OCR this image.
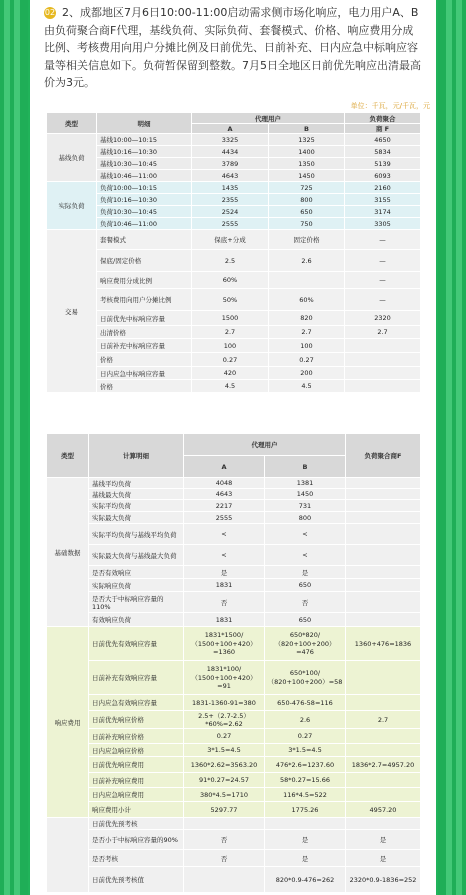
02 2、成都地区7月6日10:00-11:00启动需求侧市场化响应，电力用户A、B由负荷聚合商F代理，基线负荷、实际负荷、套餐模式、价格、响应费用分成比例、考核费用向用户分摊比例及日前优先、日前补充、日内应急中标响应容量等相关信息如下。负荷暂保留到整数。7月5日全地区日前优先响应出清最高价为3元。
单位：千瓦，元/千瓦，元
类型	明细	代理用户		负荷聚合
		A	B	商 F
基线负荷	基线10:00—10:15	3325	1325	4650
	基线10:16—10:30	4434	1400	5834
	基线10:30—10:45	3789	1350	5139
	基线10:46—11:00	4643	1450	6093
实际负荷	负荷10:00—10:15	1435	725	2160
	负荷10:16—10:30	2355	800	3155
	负荷10:30—10:45	2524	650	3174
	负荷10:46—11:00	2555	750	3305
交易	套餐模式	保底+分成	固定价格	—
	保底/固定价格	2.5	2.6	—
	响应费用分成比例	60%		—
	考核费用向用户分摊比例	50%	60%	—
	日前优先中标响应容量	1500	820	2320
	出清价格	2.7	2.7	2.7
	日前补充中标响应容量	100	100	
	价格	0.27	0.27	
	日内应急中标响应容量	420	200	
	价格	4.5	4.5	
类型	计算明细	代理用户		负荷聚合商F
		A	B	
基础数据	基线平均负荷	4048	1381	
	基线最大负荷	4643	1450	
	实际平均负荷	2217	731	
	实际最大负荷	2555	800	
	实际平均负荷与基线平均负荷	<	<	
	实际最大负荷与基线最大负荷	<	<	
	是否有效响应	是	是	
	实际响应负荷	1831	650	
	是否大于中标响应容量的110%	否	否	
	有效响应负荷	1831	650	
响应费用	日前优先有效响应容量	1831*1500/（1500+100+420）=1360	650*820/（820+100+200）=476	1360+476=1836
	日前补充有效响应容量	1831*100/（1500+100+420）=91	650*100/（820+100+200）=58	
	日内应急有效响应容量	1831-1360-91=380	650-476-58=116	
	日前优先响应价格	2.5+（2.7-2.5）*60%=2.62	2.6	2.7
	日前补充响应价格	0.27	0.27	
	日内应急响应价格	3*1.5=4.5	3*1.5=4.5	
	日前优先响应费用	1360*2.62=3563.20	476*2.6=1237.60	1836*2.7=4957.20
	日前补充响应费用	91*0.27=24.57	58*0.27=15.66	
	日内应急响应费用	380*4.5=1710	116*4.5=522	
	响应费用小计	5297.77	1775.26	4957.20
	日前优先预考核			
	是否小于中标响应容量的90%	否	是	是
	是否考核	否	是	是
	日前优先预考核值		820*0.9-476=262	2320*0.9-1836=252
